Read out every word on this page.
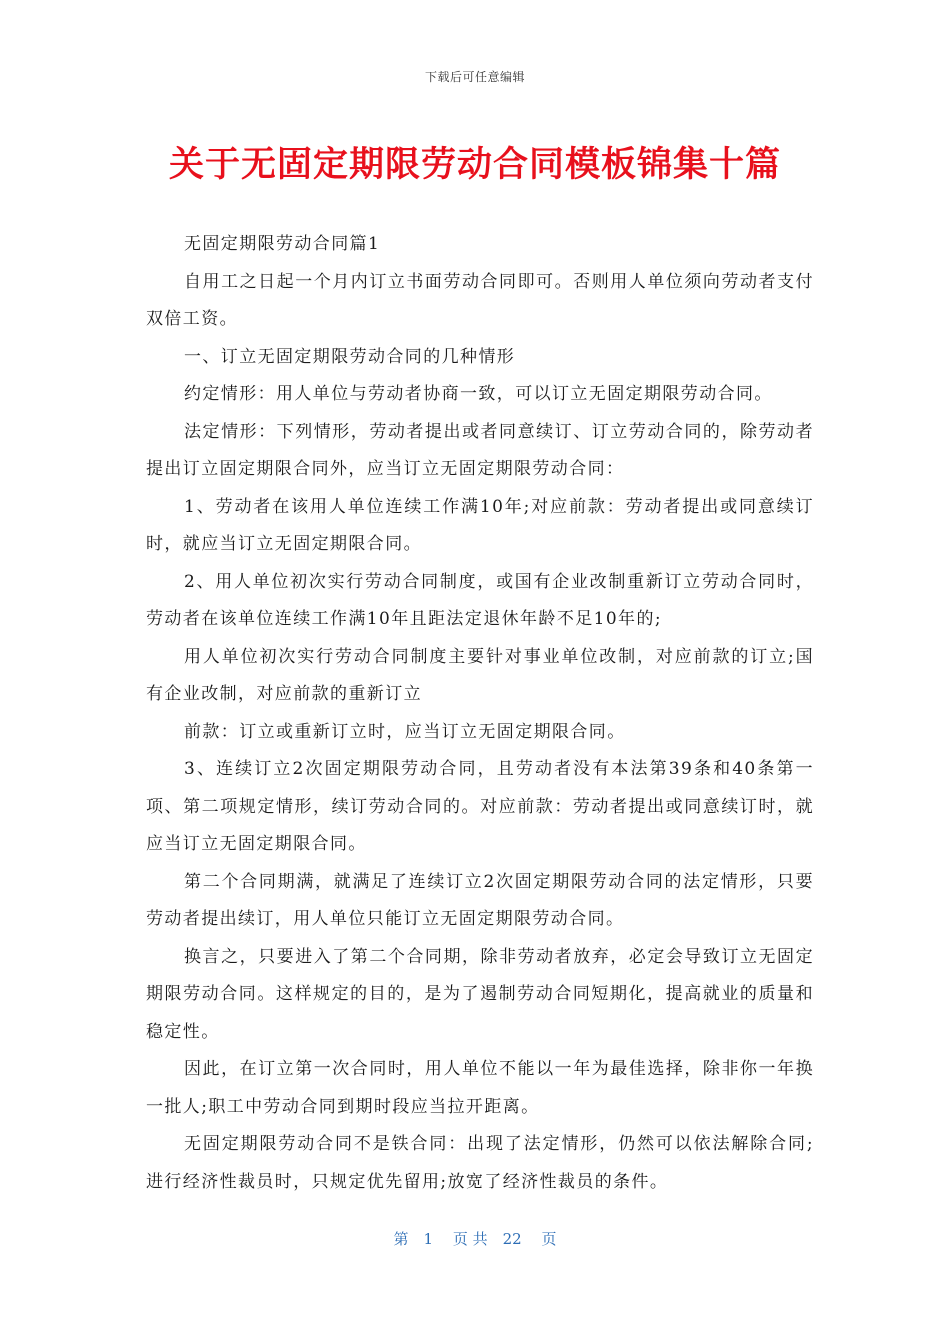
下载后可任意编辑
关于无固定期限劳动合同模板锦集十篇

无固定期限劳动合同篇1

自用工之日起一个月内订立书面劳动合同即可。否则用人单位须向劳动者支付双倍工资。

一、订立无固定期限劳动合同的几种情形

约定情形：用人单位与劳动者协商一致，可以订立无固定期限劳动合同。

法定情形：下列情形，劳动者提出或者同意续订、订立劳动合同的，除劳动者提出订立固定期限合同外，应当订立无固定期限劳动合同：

1、劳动者在该用人单位连续工作满10年;对应前款：劳动者提出或同意续订时，就应当订立无固定期限合同。

2、用人单位初次实行劳动合同制度，或国有企业改制重新订立劳动合同时，劳动者在该单位连续工作满10年且距法定退休年龄不足10年的;

用人单位初次实行劳动合同制度主要针对事业单位改制，对应前款的订立;国有企业改制，对应前款的重新订立

前款：订立或重新订立时，应当订立无固定期限合同。

3、连续订立2次固定期限劳动合同，且劳动者没有本法第39条和40条第一项、第二项规定情形，续订劳动合同的。对应前款：劳动者提出或同意续订时，就应当订立无固定期限合同。

第二个合同期满，就满足了连续订立2次固定期限劳动合同的法定情形，只要劳动者提出续订，用人单位只能订立无固定期限劳动合同。

换言之，只要进入了第二个合同期，除非劳动者放弃，必定会导致订立无固定期限劳动合同。这样规定的目的，是为了遏制劳动合同短期化，提高就业的质量和稳定性。

因此，在订立第一次合同时，用人单位不能以一年为最佳选择，除非你一年换一批人;职工中劳动合同到期时段应当拉开距离。

无固定期限劳动合同不是铁合同：出现了法定情形，仍然可以依法解除合同;进行经济性裁员时，只规定优先留用;放宽了经济性裁员的条件。

第　1　 页 共　22　 页
